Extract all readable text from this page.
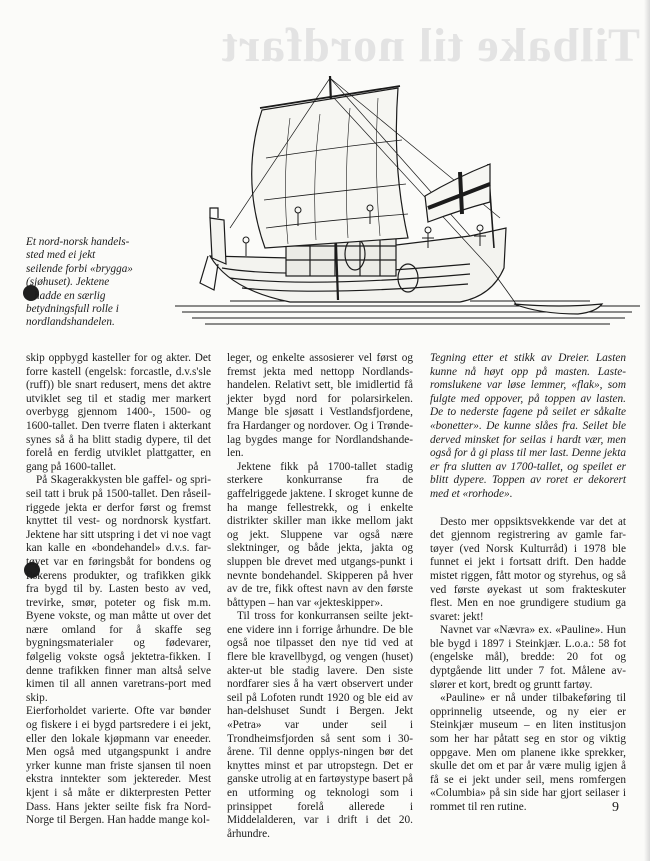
Tilbake til nordfart
Et nord-norsk handels-
sted med ei jekt
seilende forbi «brygga»
(sjøhuset). Jektene
hadde en særlig
betydningsfull rolle i
nordlandshandelen.

skip oppbygd kasteller for og akter. Det forre kastell (engelsk: forcastle, d.v.s'sle (ruff)) ble snart redusert, mens det aktre utviklet seg til et stadig mer markert overbygg gjennom 1400-, 1500- og 1600-tallet. Den tverre flaten i akterkant synes så å ha blitt stadig dypere, til det forelå en ferdig utviklet plattgatter, en gang på 1600-tallet.

På Skagerakkysten ble gaffel- og spri-seil tatt i bruk på 1500-tallet. Den råseil-riggede jekta er derfor først og fremst knyttet til vest- og nordnorsk kystfart. Jektene har sitt utspring i det vi noe vagt kan kalle en «bondehandel» d.v.s. far-tøyet var en føringsbåt for bondens og fiskerens produkter, og trafikken gikk fra bygd til by. Lasten besto av ved, trevirke, smør, poteter og fisk m.m. Byene vokste, og man måtte ut over det nære omland for å skaffe seg bygningsmaterialer og fødevarer, følgelig vokste også jektetra-fikken. I denne trafikken finner man altså selve kimen til all annen varetrans-port med skip.

Eierforholdet varierte. Ofte var bønder og fiskere i ei bygd partsredere i ei jekt, eller den lokale kjøpmann var eneeder. Men også med utgangspunkt i andre yrker kunne man friste sjansen til noen ekstra inntekter som jektereder. Mest kjent i så måte er dikterpresten Petter Dass. Hans jekter seilte fisk fra Nord-Norge til Bergen. Han hadde mange kol-

leger, og enkelte assosierer vel først og fremst jekta med nettopp Nordlands-handelen. Relativt sett, ble imidlertid få jekter bygd nord for polarsirkelen. Mange ble sjøsatt i Vestlandsfjordene, fra Hardanger og nordover. Og i Trønde-lag bygdes mange for Nordlandshande-len.

Jektene fikk på 1700-tallet stadig sterkere konkurranse fra de gaffelriggede jaktene. I skroget kunne de ha mange fellestrekk, og i enkelte distrikter skiller man ikke mellom jakt og jekt. Sluppene var også nære slektninger, og både jekta, jakta og sluppen ble drevet med utgangs-punkt i nevnte bondehandel. Skipperen på hver av de tre, fikk oftest navn av den første båttypen – han var «jekteskipper».

Til tross for konkurransen seilte jekt-ene videre inn i forrige århundre. De ble også noe tilpasset den nye tid ved at flere ble kravellbygd, og vengen (huset) akter-ut ble stadig lavere. Den siste nordfarer sies å ha vært observert under seil på Lofoten rundt 1920 og ble eid av han-delshuset Sundt i Bergen. Jekt «Petra» var under seil i Trondheimsfjorden så sent som i 30-årene. Til denne opplys-ningen bør det knyttes minst et par utropstegn. Det er ganske utrolig at en fartøystype basert på en utforming og teknologi som i prinsippet forelå allerede i Middelalderen, var i drift i det 20. århundre.

Tegning etter et stikk av Dreier. Lasten kunne nå høyt opp på masten. Laste-romslukene var løse lemmer, «flak», som fulgte med oppover, på toppen av lasten. De to nederste fagene på seilet er såkalte «bonetter». De kunne slåes fra. Seilet ble derved minsket for seilas i hardt vær, men også for å gi plass til mer last. Denne jekta er fra slutten av 1700-tallet, og speilet er blitt dypere. Toppen av roret er dekorert med et «rorhode».

Desto mer oppsiktsvekkende var det at det gjennom registrering av gamle far-tøyer (ved Norsk Kulturråd) i 1978 ble funnet ei jekt i fortsatt drift. Den hadde mistet riggen, fått motor og styrehus, og så ved første øyekast ut som frakteskuter flest. Men en noe grundigere studium ga svaret: jekt!

Navnet var «Nævra» ex. «Pauline». Hun ble bygd i 1897 i Steinkjær. L.o.a.: 58 fot (engelske mål), bredde: 20 fot og dyptgående litt under 7 fot. Målene av-slører et kort, bredt og gruntt fartøy.

«Pauline» er nå under tilbakeføring til opprinnelig utseende, og ny eier er Steinkjær museum – en liten institusjon som her har påtatt seg en stor og viktig oppgave. Men om planene ikke sprekker, skulle det om et par år være mulig igjen å få se ei jekt under seil, mens romfergen «Columbia» på sin side har gjort seilaser i rommet til ren rutine.	9
